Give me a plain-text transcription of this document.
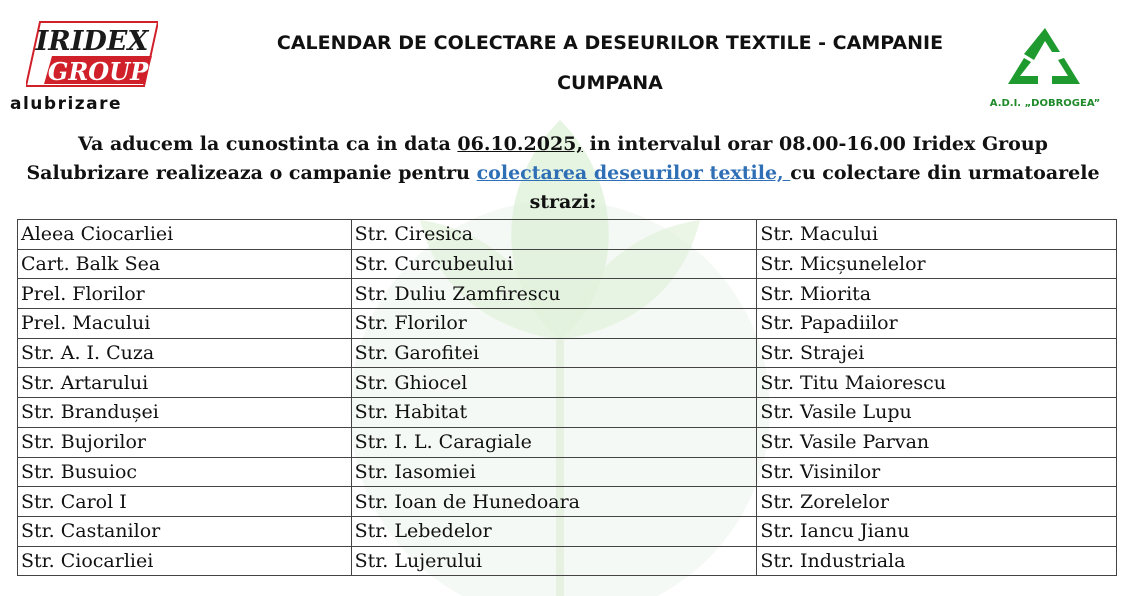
IRIDEX
GROUP
alubrizare
CALENDAR DE COLECTARE A DESEURILOR TEXTILE - CAMPANIE
CUMPANA
A.D.I. „DOBROGEA”
Va aducem la cunostinta ca in data 06.10.2025, in intervalul orar 08.00-16.00 Iridex Group Salubrizare realizeaza o campanie pentru colectarea deseurilor textile, cu colectare din urmatoarele strazi:
Aleea Ciocarliei	Str. Ciresica	Str. Macului
Cart. Balk Sea	Str. Curcubeului	Str. Micșunelelor
Prel. Florilor	Str. Duliu Zamfirescu	Str. Miorita
Prel. Macului	Str. Florilor	Str. Papadiilor
Str. A. I. Cuza	Str. Garofitei	Str. Strajei
Str. Artarului	Str. Ghiocel	Str. Titu Maiorescu
Str. Brandușei	Str. Habitat	Str. Vasile Lupu
Str. Bujorilor	Str. I. L. Caragiale	Str. Vasile Parvan
Str. Busuioc	Str. Iasomiei	Str. Visinilor
Str. Carol I	Str. Ioan de Hunedoara	Str. Zorelelor
Str. Castanilor	Str. Lebedelor	Str. Iancu Jianu
Str. Ciocarliei	Str. Lujerului	Str. Industriala
